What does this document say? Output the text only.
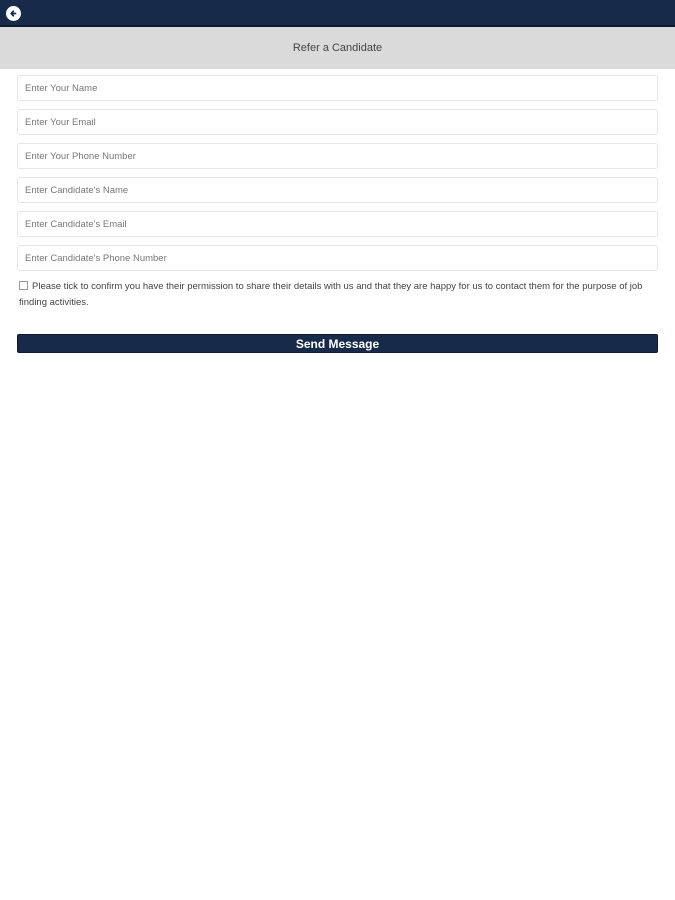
Refer a Candidate
Enter Your Name
Enter Your Email
Enter Your Phone Number
Enter Candidate's Name
Enter Candidate's Email
Enter Candidate's Phone Number
Please tick to confirm you have their permission to share their details with us and that they are happy for us to contact them for the purpose of job finding activities.
Send Message
